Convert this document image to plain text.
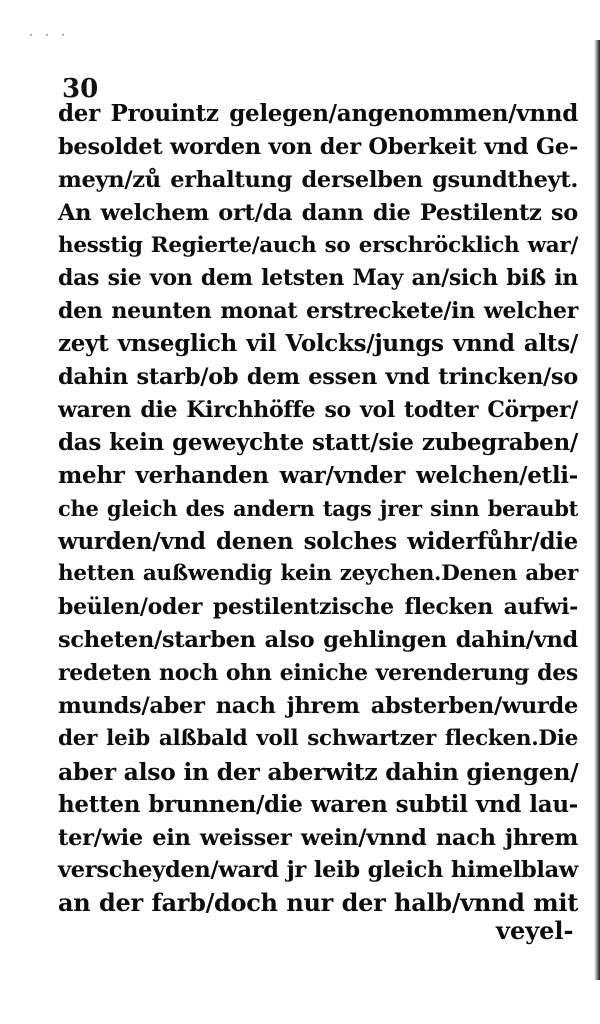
· · ·
30
der Prouintz gelegen/angenommen/vnnd
besoldet worden von der Oberkeit vnd Ge-
meyn/zů erhaltung derselben gsundtheyt.
An welchem ort/da dann die Pestilentz so
hesstig Regierte/auch so erschröcklich war/
das sie von dem letsten May an/sich biß in
den neunten monat erstreckete/in welcher
zeyt vnseglich vil Volcks/jungs vnnd alts/
dahin starb/ob dem essen vnd trincken/so
waren die Kirchhöffe so vol todter Cörper/
das kein geweychte statt/sie zubegraben/
mehr verhanden war/vnder welchen/etli-
che gleich des andern tags jrer sinn beraubt
wurden/vnd denen solches widerfůhr/die
hetten außwendig kein zeychen.Denen aber
beülen/oder pestilentzische flecken aufwi-
scheten/starben also gehlingen dahin/vnd
redeten noch ohn einiche verenderung des
munds/aber nach jhrem absterben/wurde
der leib alßbald voll schwartzer flecken.Die
aber also in der aberwitz dahin giengen/
hetten brunnen/die waren subtil vnd lau-
ter/wie ein weisser wein/vnnd nach jhrem
verscheyden/ward jr leib gleich himelblaw
an der farb/doch nur der halb/vnnd mit
veyel-
